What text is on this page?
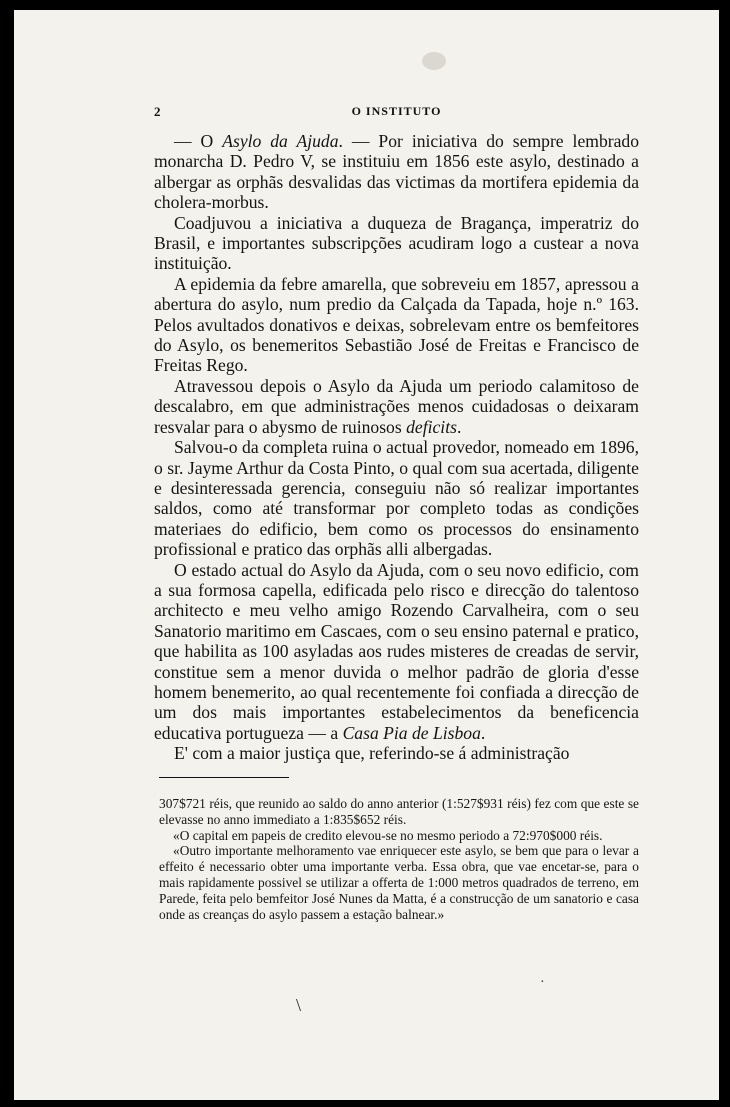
2	O INSTITUTO

— O Asylo da Ajuda. — Por iniciativa do sempre lembrado monarcha D. Pedro V, se instituiu em 1856 este asylo, destinado a albergar as orphãs desvalidas das victimas da mortifera epidemia da cholera-morbus.

Coadjuvou a iniciativa a duqueza de Bragança, imperatriz do Brasil, e importantes subscripções acudiram logo a custear a nova instituição.

A epidemia da febre amarella, que sobreveiu em 1857, apressou a abertura do asylo, num predio da Calçada da Tapada, hoje n.º 163. Pelos avultados donativos e deixas, sobrelevam entre os bemfeitores do Asylo, os benemeritos Sebastião José de Freitas e Francisco de Freitas Rego.

Atravessou depois o Asylo da Ajuda um periodo calamitoso de descalabro, em que administrações menos cuidadosas o deixaram resvalar para o abysmo de ruinosos deficits.

Salvou-o da completa ruina o actual provedor, nomeado em 1896, o sr. Jayme Arthur da Costa Pinto, o qual com sua acertada, diligente e desinteressada gerencia, conseguiu não só realizar importantes saldos, como até transformar por completo todas as condições materiaes do edificio, bem como os processos do ensinamento profissional e pratico das orphãs alli albergadas.

O estado actual do Asylo da Ajuda, com o seu novo edificio, com a sua formosa capella, edificada pelo risco e direcção do talentoso architecto e meu velho amigo Rozendo Carvalheira, com o seu Sanatorio maritimo em Cascaes, com o seu ensino paternal e pratico, que habilita as 100 asyladas aos rudes misteres de creadas de servir, constitue sem a menor duvida o melhor padrão de gloria d'esse homem benemerito, ao qual recentemente foi confiada a direcção de um dos mais importantes estabelecimentos da beneficencia educativa portugueza — a Casa Pia de Lisboa.

E' com a maior justiça que, referindo-se á administração

307$721 réis, que reunido ao saldo do anno anterior (1:527$931 réis) fez com que este se elevasse no anno immediato a 1:835$652 réis.

«O capital em papeis de credito elevou-se no mesmo periodo a 72:970$000 réis.

«Outro importante melhoramento vae enriquecer este asylo, se bem que para o levar a effeito é necessario obter uma importante verba. Essa obra, que vae encetar-se, para o mais rapidamente possivel se utilizar a offerta de 1:000 metros quadrados de terreno, em Parede, feita pelo bemfeitor José Nunes da Matta, é a construcção de um sanatorio e casa onde as creanças do asylo passem a estação balnear.»

\
·
